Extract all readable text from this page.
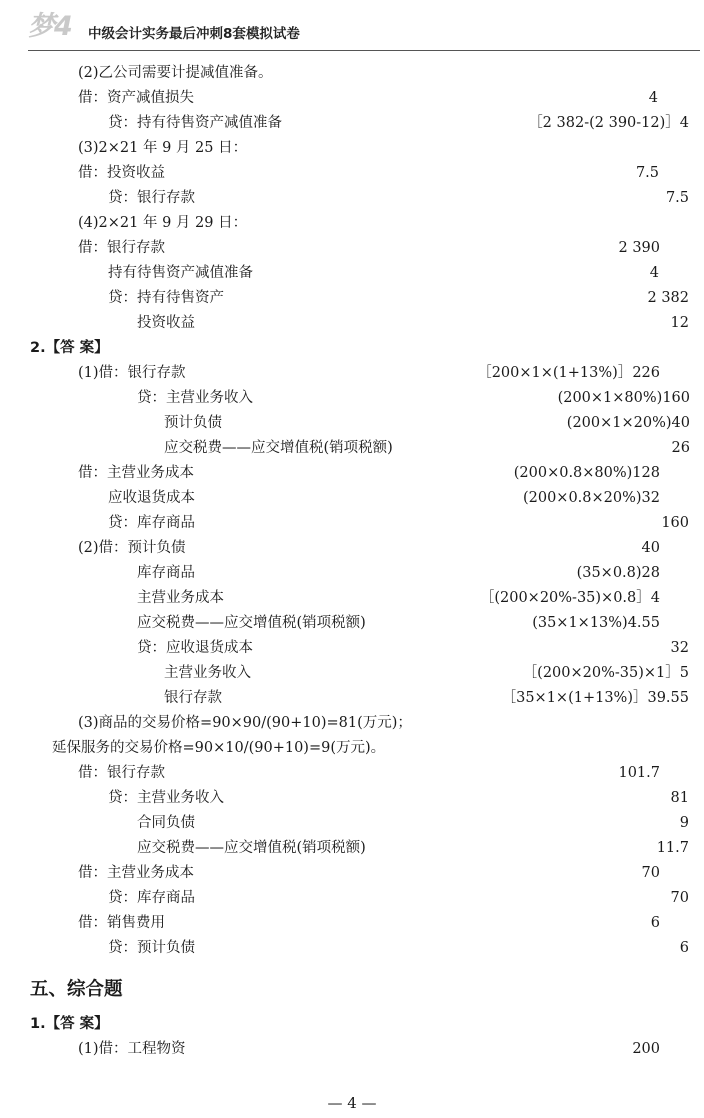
梦4 中级会计实务最后冲刺8套模拟试卷
(2)乙公司需要计提减值准备。
借：资产减值损失	4
贷：持有待售资产减值准备	［2 382-(2 390-12)］4
(3)2×21 年 9 月 25 日：
借：投资收益	7.5
贷：银行存款	7.5
(4)2×21 年 9 月 29 日：
借：银行存款	2 390
持有待售资产减值准备	4
贷：持有待售资产	2 382
投资收益	12
2.【答 案】
(1)借：银行存款	［200×1×(1+13%)］226
贷：主营业务收入	(200×1×80%)160
预计负债	(200×1×20%)40
应交税费——应交增值税(销项税额)	26
借：主营业务成本	(200×0.8×80%)128
应收退货成本	(200×0.8×20%)32
贷：库存商品	160
(2)借：预计负债	40
库存商品	(35×0.8)28
主营业务成本	［(200×20%-35)×0.8］4
应交税费——应交增值税(销项税额)	(35×1×13%)4.55
贷：应收退货成本	32
主营业务收入	［(200×20%-35)×1］5
银行存款	［35×1×(1+13%)］39.55
(3)商品的交易价格=90×90/(90+10)=81(万元)；
延保服务的交易价格=90×10/(90+10)=9(万元)。
借：银行存款	101.7
贷：主营业务收入	81
合同负债	9
应交税费——应交增值税(销项税额)	11.7
借：主营业务成本	70
贷：库存商品	70
借：销售费用	6
贷：预计负债	6
1.【答 案】
(1)借：工程物资	200
五、综合题
— 4 —
